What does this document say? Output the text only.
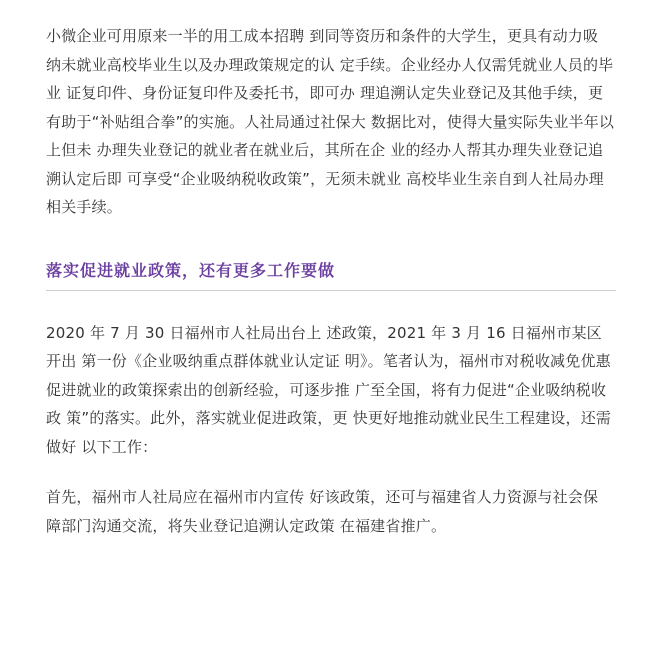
小微企业可用原来一半的用工成本招聘 到同等资历和条件的大学生，更具有动力吸 纳未就业高校毕业生以及办理政策规定的认 定手续。企业经办人仅需凭就业人员的毕业 证复印件、身份证复印件及委托书，即可办 理追溯认定失业登记及其他手续，更有助于“补贴组合拳”的实施。人社局通过社保大 数据比对，使得大量实际失业半年以上但未 办理失业登记的就业者在就业后，其所在企 业的经办人帮其办理失业登记追溯认定后即 可享受“企业吸纳税收政策”，无须未就业 高校毕业生亲自到人社局办理相关手续。

落实促进就业政策，还有更多工作要做

2020 年 7 月 30 日福州市人社局出台上 述政策，2021 年 3 月 16 日福州市某区开出 第一份《企业吸纳重点群体就业认定证 明》。笔者认为，福州市对税收减免优惠促进就业的政策探索出的创新经验，可逐步推 广至全国，将有力促进“企业吸纳税收政 策”的落实。此外，落实就业促进政策，更 快更好地推动就业民生工程建设，还需做好 以下工作：

首先，福州市人社局应在福州市内宣传 好该政策，还可与福建省人力资源与社会保 障部门沟通交流，将失业登记追溯认定政策 在福建省推广。
